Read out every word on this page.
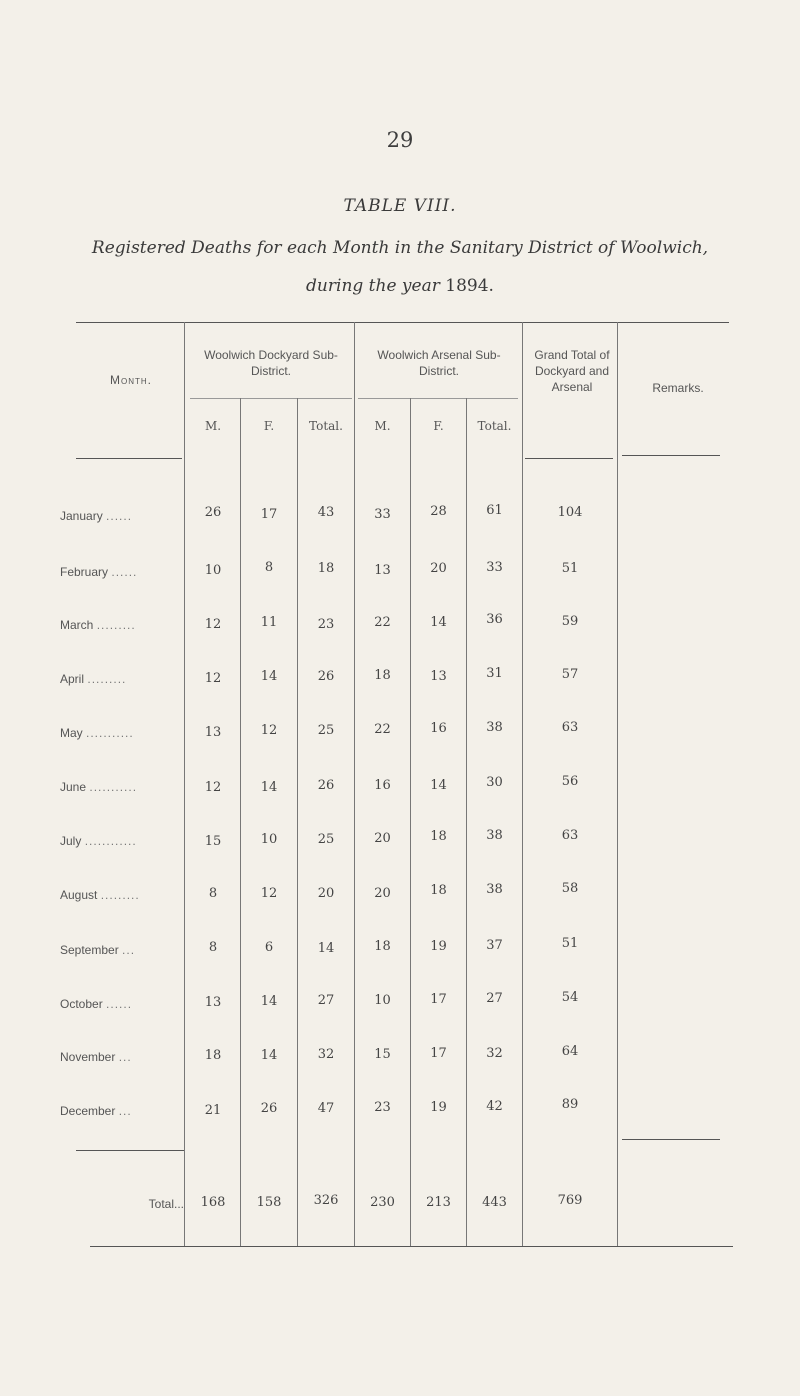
29
TABLE VIII.
Registered Deaths for each Month in the Sanitary District of Woolwich,
during the year 1894.
Month.
Woolwich Dockyard Sub-District.
Woolwich Arsenal Sub-District.
Grand Total of Dockyard and Arsenal	Remarks.
M.	F.	Total.	M.	F.	Total.
January ......	26	17	43	33	28	61	104
February ......	10	8	18	13	20	33	51
March .........	12	11	23	22	14	36	59
April .........	12	14	26	18	13	31	57
May ...........	13	12	25	22	16	38	63
June ...........	12	14	26	16	14	30	56
July ............	15	10	25	20	18	38	63
August .........	8	12	20	20	18	38	58
September ...	8	6	14	18	19	37	51
October ......	13	14	27	10	17	27	54
November ...	18	14	32	15	17	32	64
December ...	21	26	47	23	19	42	89
Total...	168	158	326	230	213	443	769
